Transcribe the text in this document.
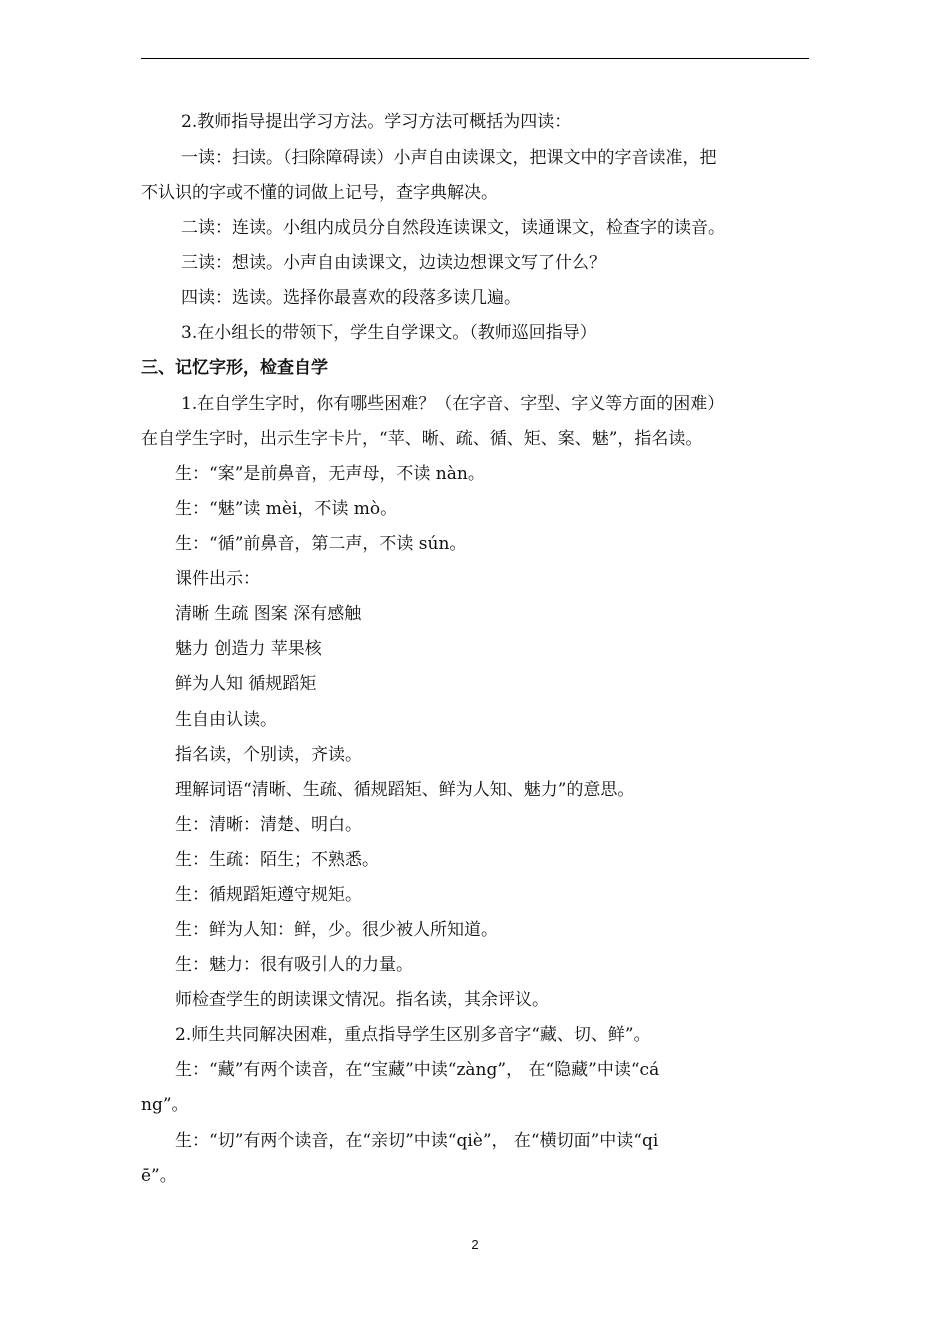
2.教师指导提出学习方法。学习方法可概括为四读：
一读：扫读。（扫除障碍读）小声自由读课文，把课文中的字音读准，把
不认识的字或不懂的词做上记号，查字典解决。
二读：连读。小组内成员分自然段连读课文，读通课文，检查字的读音。
三读：想读。小声自由读课文，边读边想课文写了什么？
四读：选读。选择你最喜欢的段落多读几遍。
3.在小组长的带领下，学生自学课文。（教师巡回指导）
三、记忆字形，检查自学
1.在自学生字时，你有哪些困难？（在字音、字型、字义等方面的困难）
在自学生字时，出示生字卡片，“苹、晰、疏、循、矩、案、魅”，指名读。
生：“案”是前鼻音，无声母，不读 nàn。
生：“魅”读 mèi，不读 mò。
生：“循”前鼻音，第二声，不读 sún。
课件出示：
清晰 生疏 图案 深有感触
魅力 创造力 苹果核
鲜为人知 循规蹈矩
生自由认读。
指名读，个别读，齐读。
理解词语“清晰、生疏、循规蹈矩、鲜为人知、魅力”的意思。
生：清晰：清楚、明白。
生：生疏：陌生；不熟悉。
生：循规蹈矩遵守规矩。
生：鲜为人知：鲜，少。很少被人所知道。
生：魅力：很有吸引人的力量。
师检查学生的朗读课文情况。指名读，其余评议。
2.师生共同解决困难，重点指导学生区别多音字“藏、切、鲜”。
生：“藏”有两个读音，在“宝藏”中读“zàng”， 在“隐藏”中读“cá
ng”。
生：“切”有两个读音，在“亲切”中读“qiè”， 在“横切面”中读“qi
ē”。
2
